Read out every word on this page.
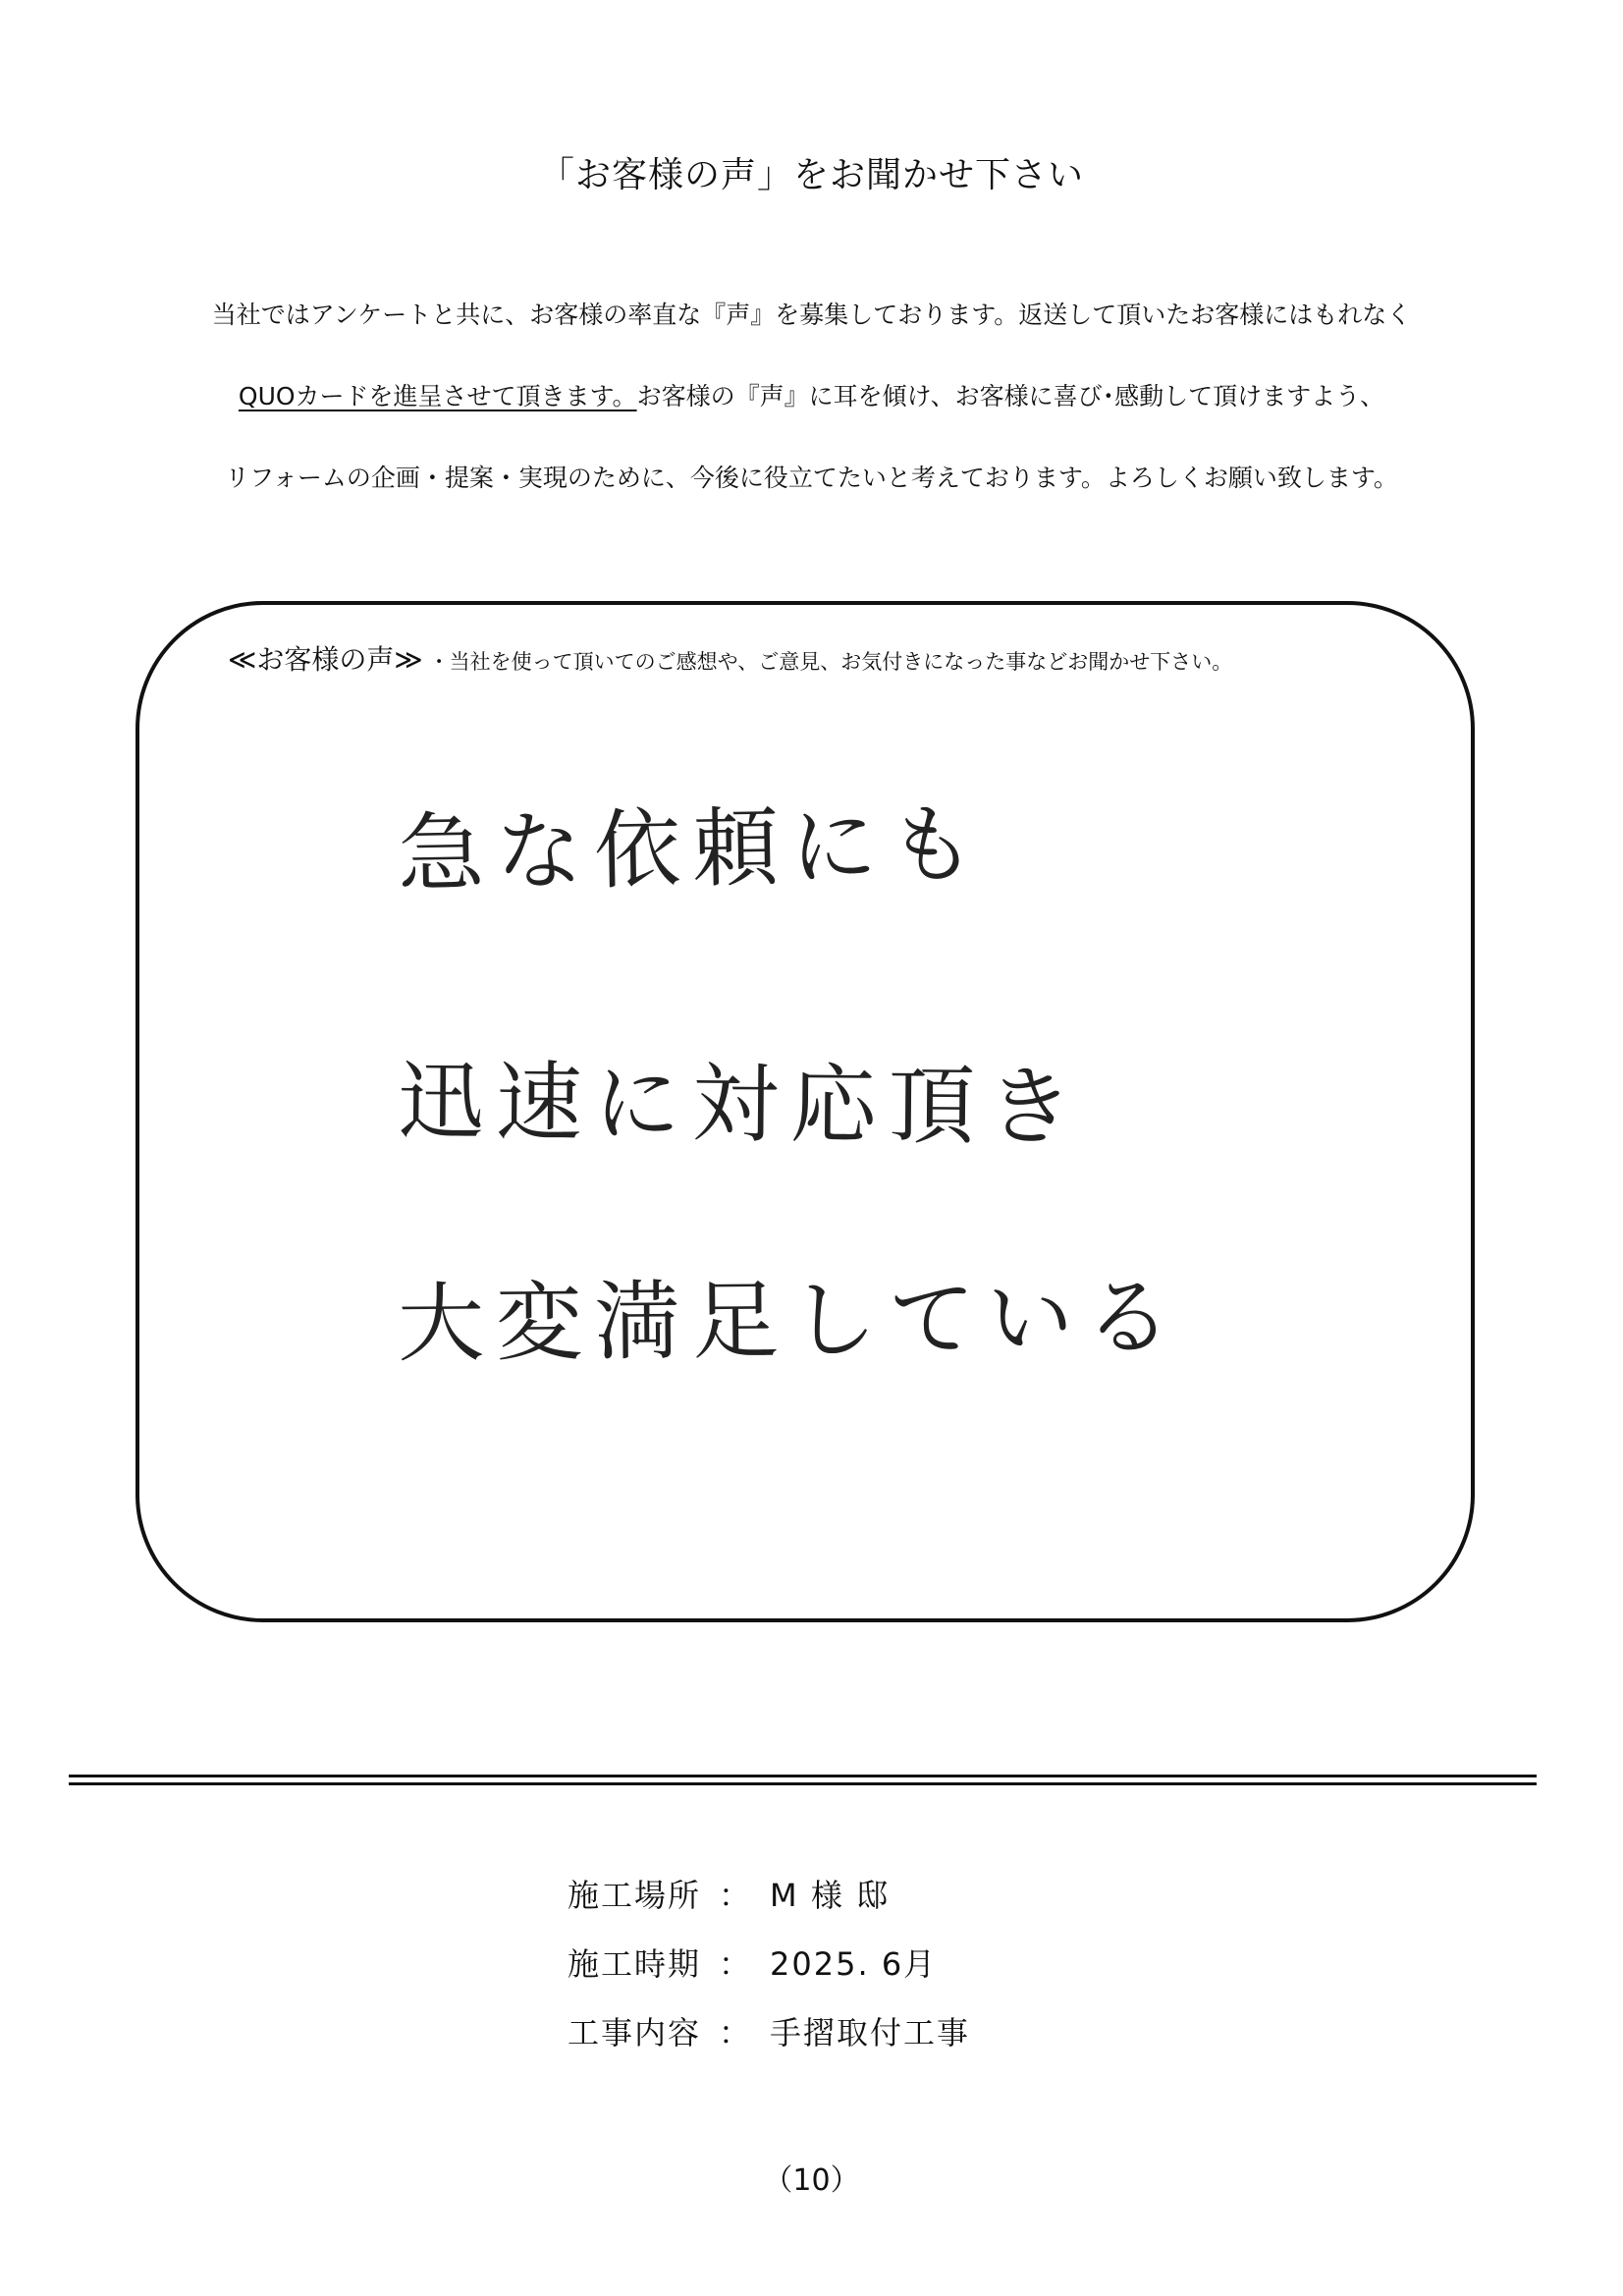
「お客様の声」をお聞かせ下さい
当社ではアンケートと共に、お客様の率直な『声』を募集しております。返送して頂いたお客様にはもれなく
QUOカードを進呈させて頂きます。お客様の『声』に耳を傾け、お客様に喜び･感動して頂けますよう、
リフォームの企画・提案・実現のために、今後に役立てたいと考えております。よろしくお願い致します。
≪お客様の声≫ ・当社を使って頂いてのご感想や、ご意見、お気付きになった事などお聞かせ下さい。
急な依頼にも
迅速に対応頂き
大変満足している
施工場所 ： M 様 邸
施工時期 ： 2025. 6月
工事内容 ： 手摺取付工事
（10）
